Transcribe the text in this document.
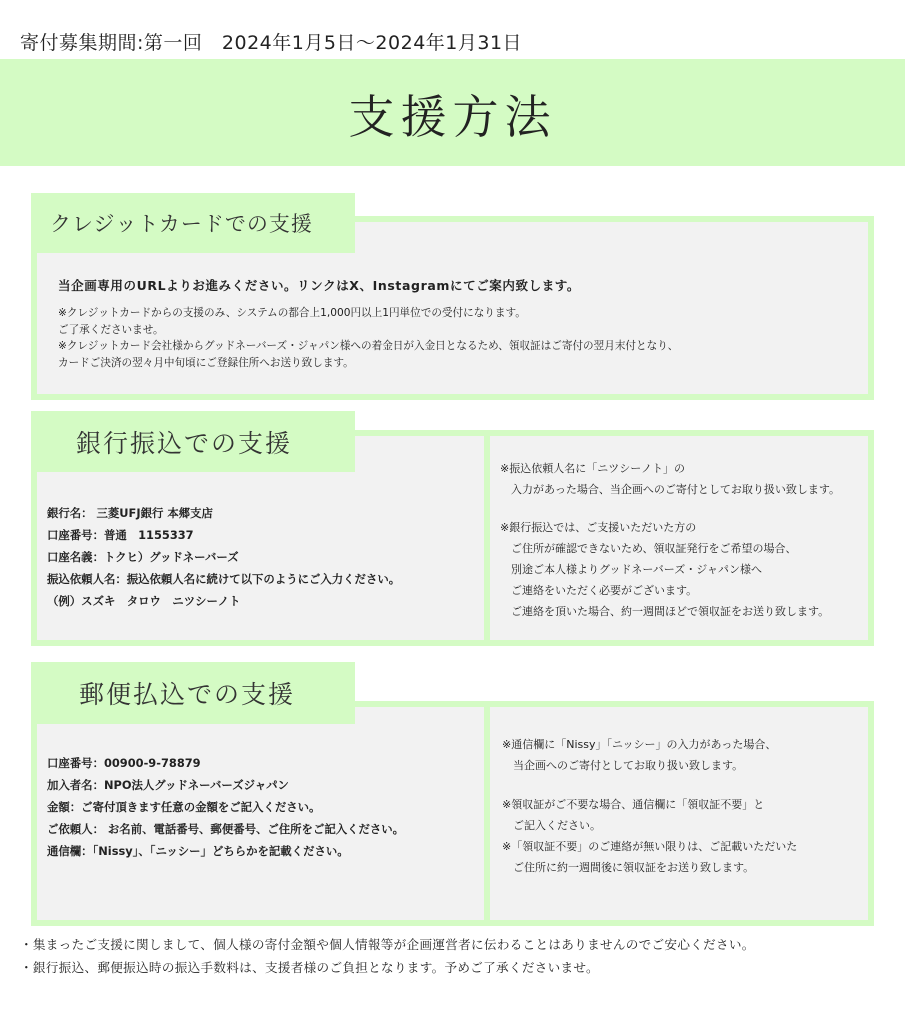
寄付募集期間:第一回　2024年1月5日～2024年1月31日
支援方法
クレジットカードでの支援
当企画専用のURLよりお進みください。リンクはX、Instagramにてご案内致します。
※クレジットカードからの支援のみ、システムの都合上1,000円以上1円単位での受付になります。
ご了承くださいませ。
※クレジットカード会社様からグッドネーバーズ・ジャパン様への着金日が入金日となるため、領収証はご寄付の翌月末付となり、
カードご決済の翌々月中旬頃にご登録住所へお送り致します。
銀行振込での支援
銀行名： 三菱UFJ銀行 本郷支店
口座番号：普通　1155337
口座名義：トクヒ）グッドネーバーズ
振込依頼人名：振込依頼人名に続けて以下のようにご入力ください。
（例）スズキ　タロウ　ニツシーノト
※振込依頼人名に「ニツシーノト」の
　入力があった場合、当企画へのご寄付としてお取り扱い致します。
※銀行振込では、ご支援いただいた方の
　ご住所が確認できないため、領収証発行をご希望の場合、
　別途ご本人様よりグッドネーバーズ・ジャパン様へ
　ご連絡をいただく必要がございます。
　ご連絡を頂いた場合、約一週間ほどで領収証をお送り致します。
郵便払込での支援
口座番号：00900-9-78879
加入者名：NPO法人グッドネーバーズジャパン
金額：ご寄付頂きます任意の金額をご記入ください。
ご依頼人： お名前、電話番号、郵便番号、ご住所をご記入ください。
通信欄：「Nissy」、「ニッシー」どちらかを記載ください。
※通信欄に「Nissy」「ニッシー」の入力があった場合、
　当企画へのご寄付としてお取り扱い致します。
※領収証がご不要な場合、通信欄に「領収証不要」と
　ご記入ください。
※「領収証不要」のご連絡が無い限りは、ご記載いただいた
　ご住所に約一週間後に領収証をお送り致します。
・集まったご支援に関しまして、個人様の寄付金額や個人情報等が企画運営者に伝わることはありませんのでご安心ください。
・銀行振込、郵便振込時の振込手数料は、支援者様のご負担となります。予めご了承くださいませ。
